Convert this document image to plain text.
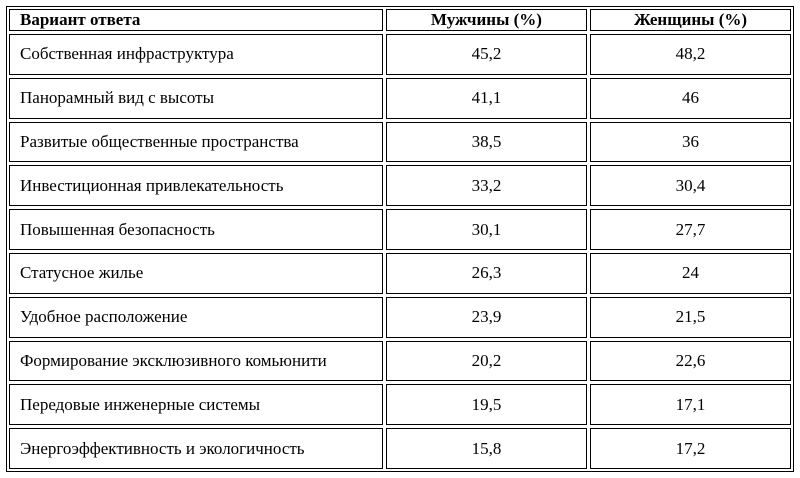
Вариант ответа	Мужчины (%)	Женщины (%)
Собственная инфраструктура	45,2	48,2
Панорамный вид с высоты	41,1	46
Развитые общественные пространства	38,5	36
Инвестиционная привлекательность	33,2	30,4
Повышенная безопасность	30,1	27,7
Статусное жилье	26,3	24
Удобное расположение	23,9	21,5
Формирование эксклюзивного комьюнити	20,2	22,6
Передовые инженерные системы	19,5	17,1
Энергоэффективность и экологичность	15,8	17,2
